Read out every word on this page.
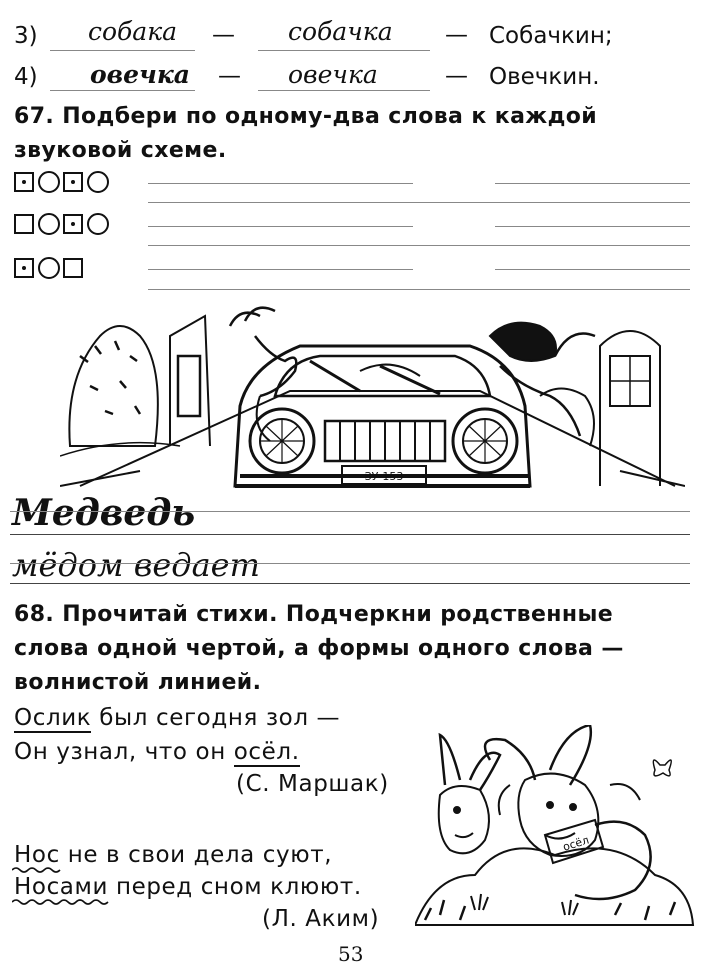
3) собака — собачка — Собачкин;
4) овечка — овечка	— Овечкин.
67. Подбери по одному-два слова к каждой
звуковой схеме.
ЗУ-153
Медведь
мёдом ведает
68. Прочитай стихи. Подчеркни родственные
слова одной чертой, а формы одного слова —
волнистой линией.
Ослик был сегодня зол —
Он узнал, что он осёл.
(С. Маршак)
Нос не в свои дела суют,
Носами перед сном клюют.
(Л. Аким)
осёл
53
